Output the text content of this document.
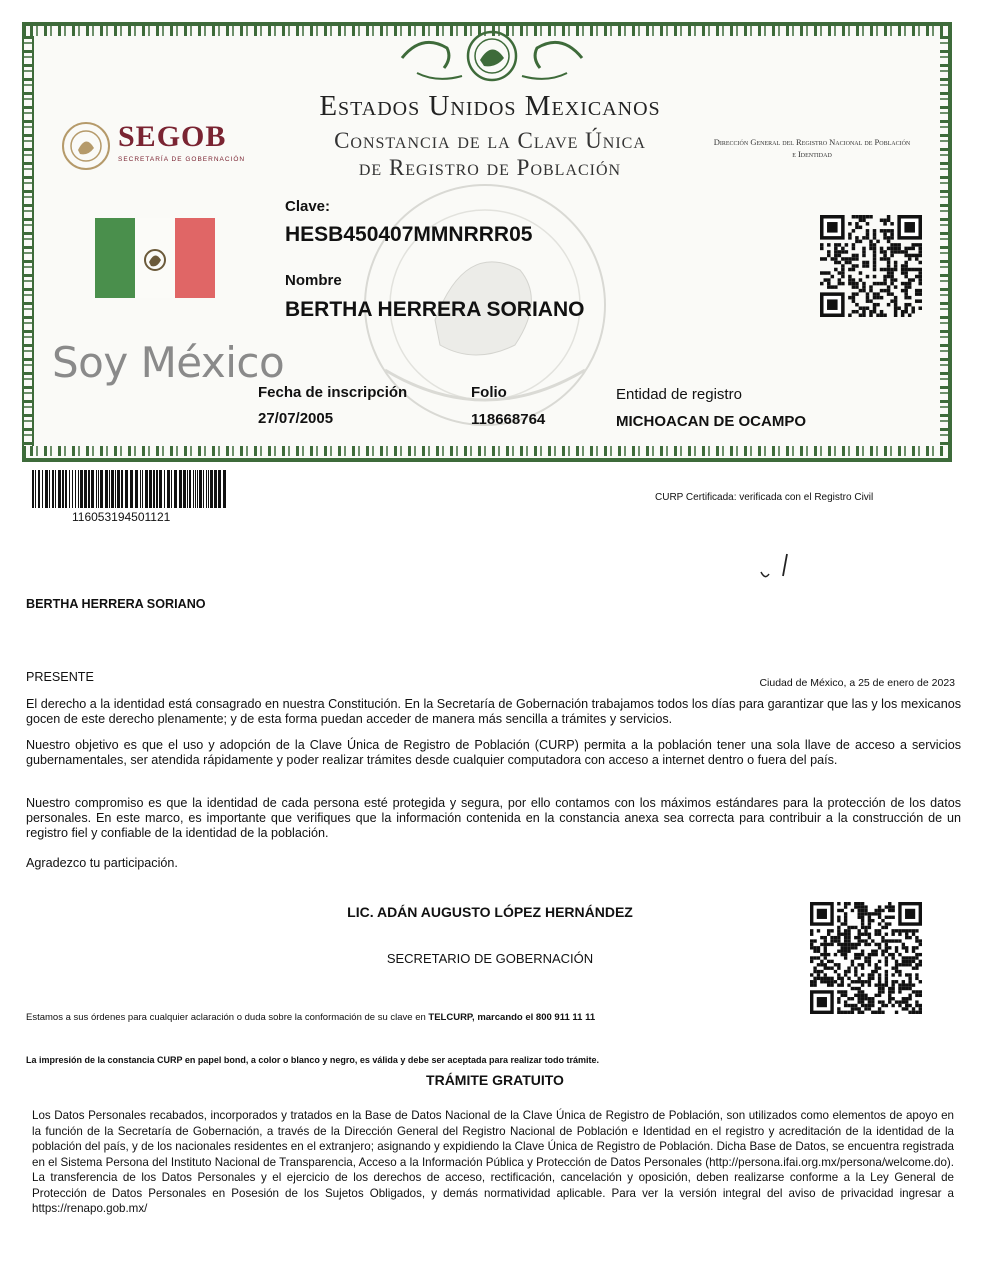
Estados Unidos Mexicanos
Constancia de la Clave Única
de Registro de Población
SEGOB
SECRETARÍA DE GOBERNACIÓN
Dirección General del Registro Nacional de Población e Identidad
Clave:
HESB450407MMNRRR05
Nombre
BERTHA HERRERA SORIANO
Soy México
Fecha de inscripción
27/07/2005
Folio
118668764
Entidad de registro
MICHOACAN DE OCAMPO
116053194501121
CURP Certificada: verificada con el Registro Civil
BERTHA HERRERA SORIANO
PRESENTE	Ciudad de México, a 25 de enero de 2023
El derecho a la identidad está consagrado en nuestra Constitución. En la Secretaría de Gobernación trabajamos todos los días para garantizar que las y los mexicanos gocen de este derecho plenamente; y de esta forma puedan acceder de manera más sencilla a trámites y servicios.
Nuestro objetivo es que el uso y adopción de la Clave Única de Registro de Población (CURP) permita a la población tener una sola llave de acceso a servicios gubernamentales, ser atendida rápidamente y poder realizar trámites desde cualquier computadora con acceso a internet dentro o fuera del país.
Nuestro compromiso es que la identidad de cada persona esté protegida y segura, por ello contamos con los máximos estándares para la protección de los datos personales. En este marco, es importante que verifiques que la información contenida en la constancia anexa sea correcta para contribuir a la construcción de un registro fiel y confiable de la identidad de la población.
Agradezco tu participación.
LIC. ADÁN AUGUSTO LÓPEZ HERNÁNDEZ
SECRETARIO DE GOBERNACIÓN
Estamos a sus órdenes para cualquier aclaración o duda sobre la conformación de su clave en TELCURP, marcando el 800 911 11 11
La impresión de la constancia CURP en papel bond, a color o blanco y negro, es válida y debe ser aceptada para realizar todo trámite.
TRÁMITE GRATUITO
Los Datos Personales recabados, incorporados y tratados en la Base de Datos Nacional de la Clave Única de Registro de Población, son utilizados como elementos de apoyo en la función de la Secretaría de Gobernación, a través de la Dirección General del Registro Nacional de Población e Identidad en el registro y acreditación de la identidad de la población del país, y de los nacionales residentes en el extranjero; asignando y expidiendo la Clave Única de Registro de Población. Dicha Base de Datos, se encuentra registrada en el Sistema Persona del Instituto Nacional de Transparencia, Acceso a la Información Pública y Protección de Datos Personales (http://persona.ifai.org.mx/persona/welcome.do). La transferencia de los Datos Personales y el ejercicio de los derechos de acceso, rectificación, cancelación y oposición, deben realizarse conforme a la Ley General de Protección de Datos Personales en Posesión de los Sujetos Obligados, y demás normatividad aplicable. Para ver la versión integral del aviso de privacidad ingresar a https://renapo.gob.mx/
